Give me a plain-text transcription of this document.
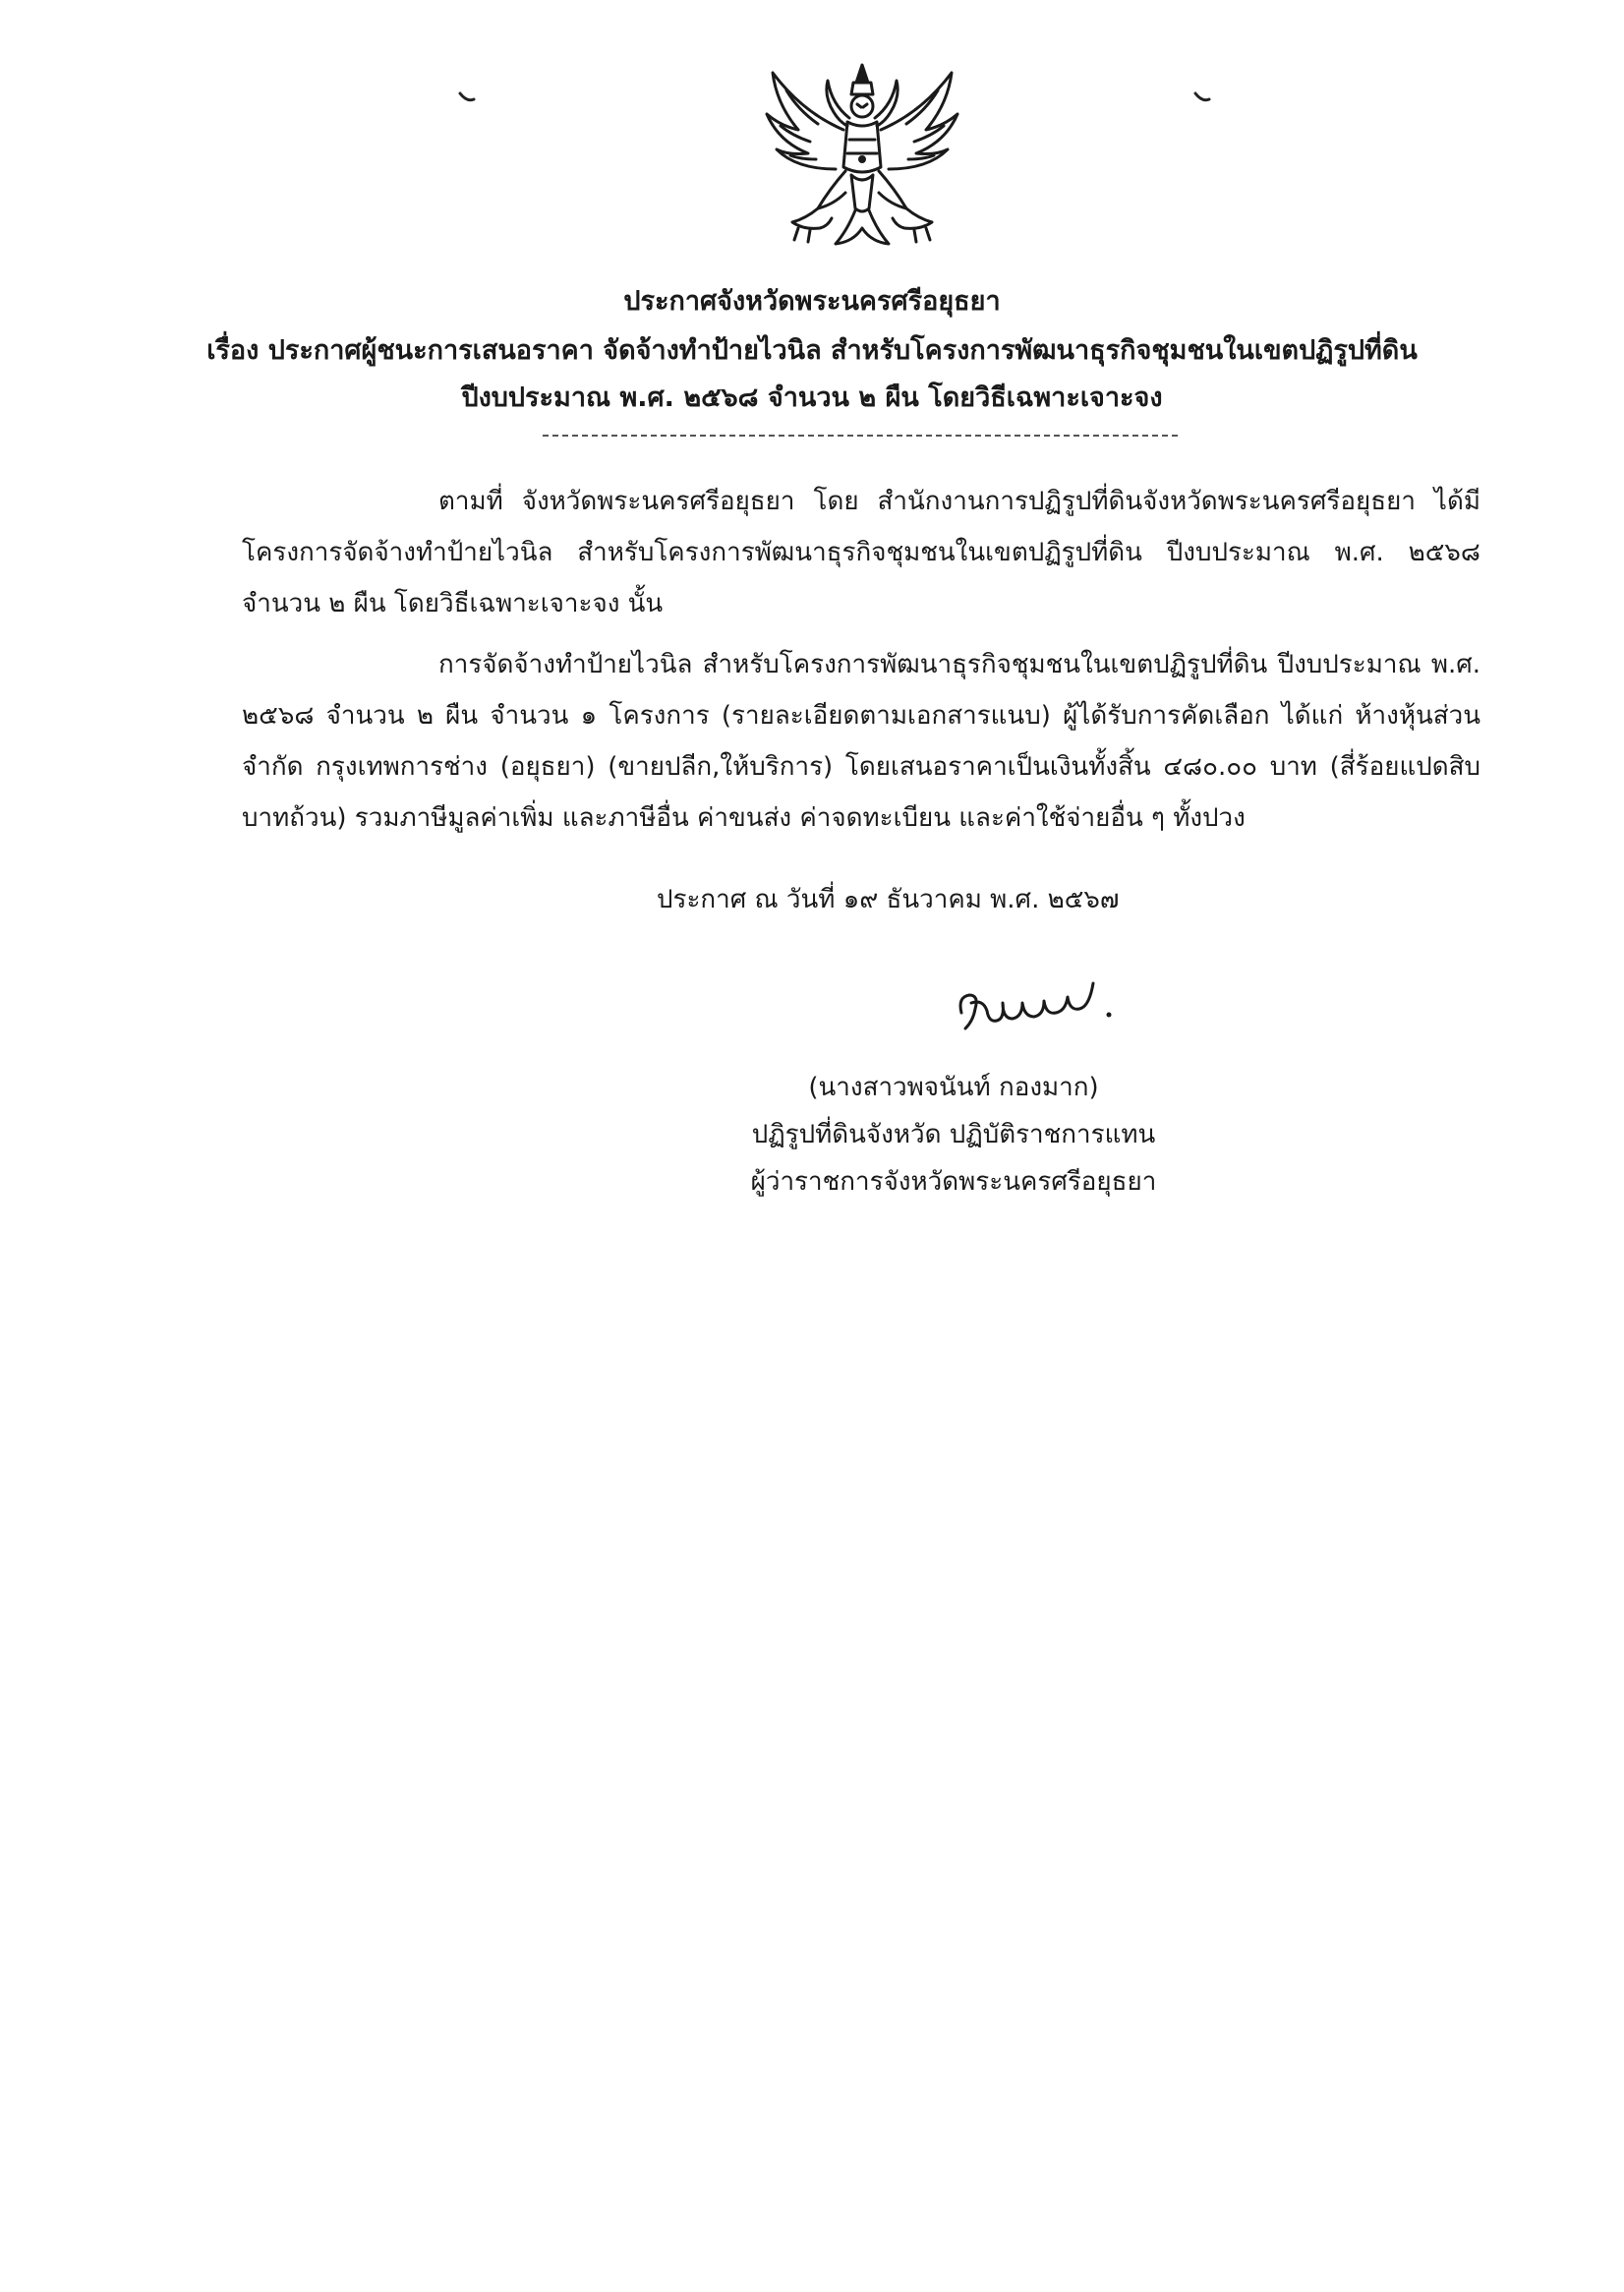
ประกาศจังหวัดพระนครศรีอยุธยา
เรื่อง ประกาศผู้ชนะการเสนอราคา จัดจ้างทำป้ายไวนิล สำหรับโครงการพัฒนาธุรกิจชุมชนในเขตปฏิรูปที่ดิน
ปีงบประมาณ พ.ศ. ๒๕๖๘ จำนวน ๒ ผืน โดยวิธีเฉพาะเจาะจง
ตามที่ จังหวัดพระนครศรีอยุธยา โดย สำนักงานการปฏิรูปที่ดินจังหวัดพระนครศรีอยุธยา ได้มีโครงการจัดจ้างทำป้ายไวนิล สำหรับโครงการพัฒนาธุรกิจชุมชนในเขตปฏิรูปที่ดิน ปีงบประมาณ พ.ศ. ๒๕๖๘ จำนวน ๒ ผืน โดยวิธีเฉพาะเจาะจง นั้น
การจัดจ้างทำป้ายไวนิล สำหรับโครงการพัฒนาธุรกิจชุมชนในเขตปฏิรูปที่ดิน ปีงบประมาณ พ.ศ. ๒๕๖๘ จำนวน ๒ ผืน จำนวน ๑ โครงการ (รายละเอียดตามเอกสารแนบ) ผู้ได้รับการคัดเลือก ได้แก่ ห้างหุ้นส่วนจำกัด กรุงเทพการช่าง (อยุธยา) (ขายปลีก,ให้บริการ) โดยเสนอราคาเป็นเงินทั้งสิ้น ๔๘๐.๐๐ บาท (สี่ร้อยแปดสิบบาทถ้วน) รวมภาษีมูลค่าเพิ่ม และภาษีอื่น ค่าขนส่ง ค่าจดทะเบียน และค่าใช้จ่ายอื่น ๆ ทั้งปวง
ประกาศ ณ วันที่ ๑๙ ธันวาคม พ.ศ. ๒๕๖๗
(นางสาวพจนันท์ กองมาก)
ปฏิรูปที่ดินจังหวัด ปฏิบัติราชการแทน
ผู้ว่าราชการจังหวัดพระนครศรีอยุธยา
